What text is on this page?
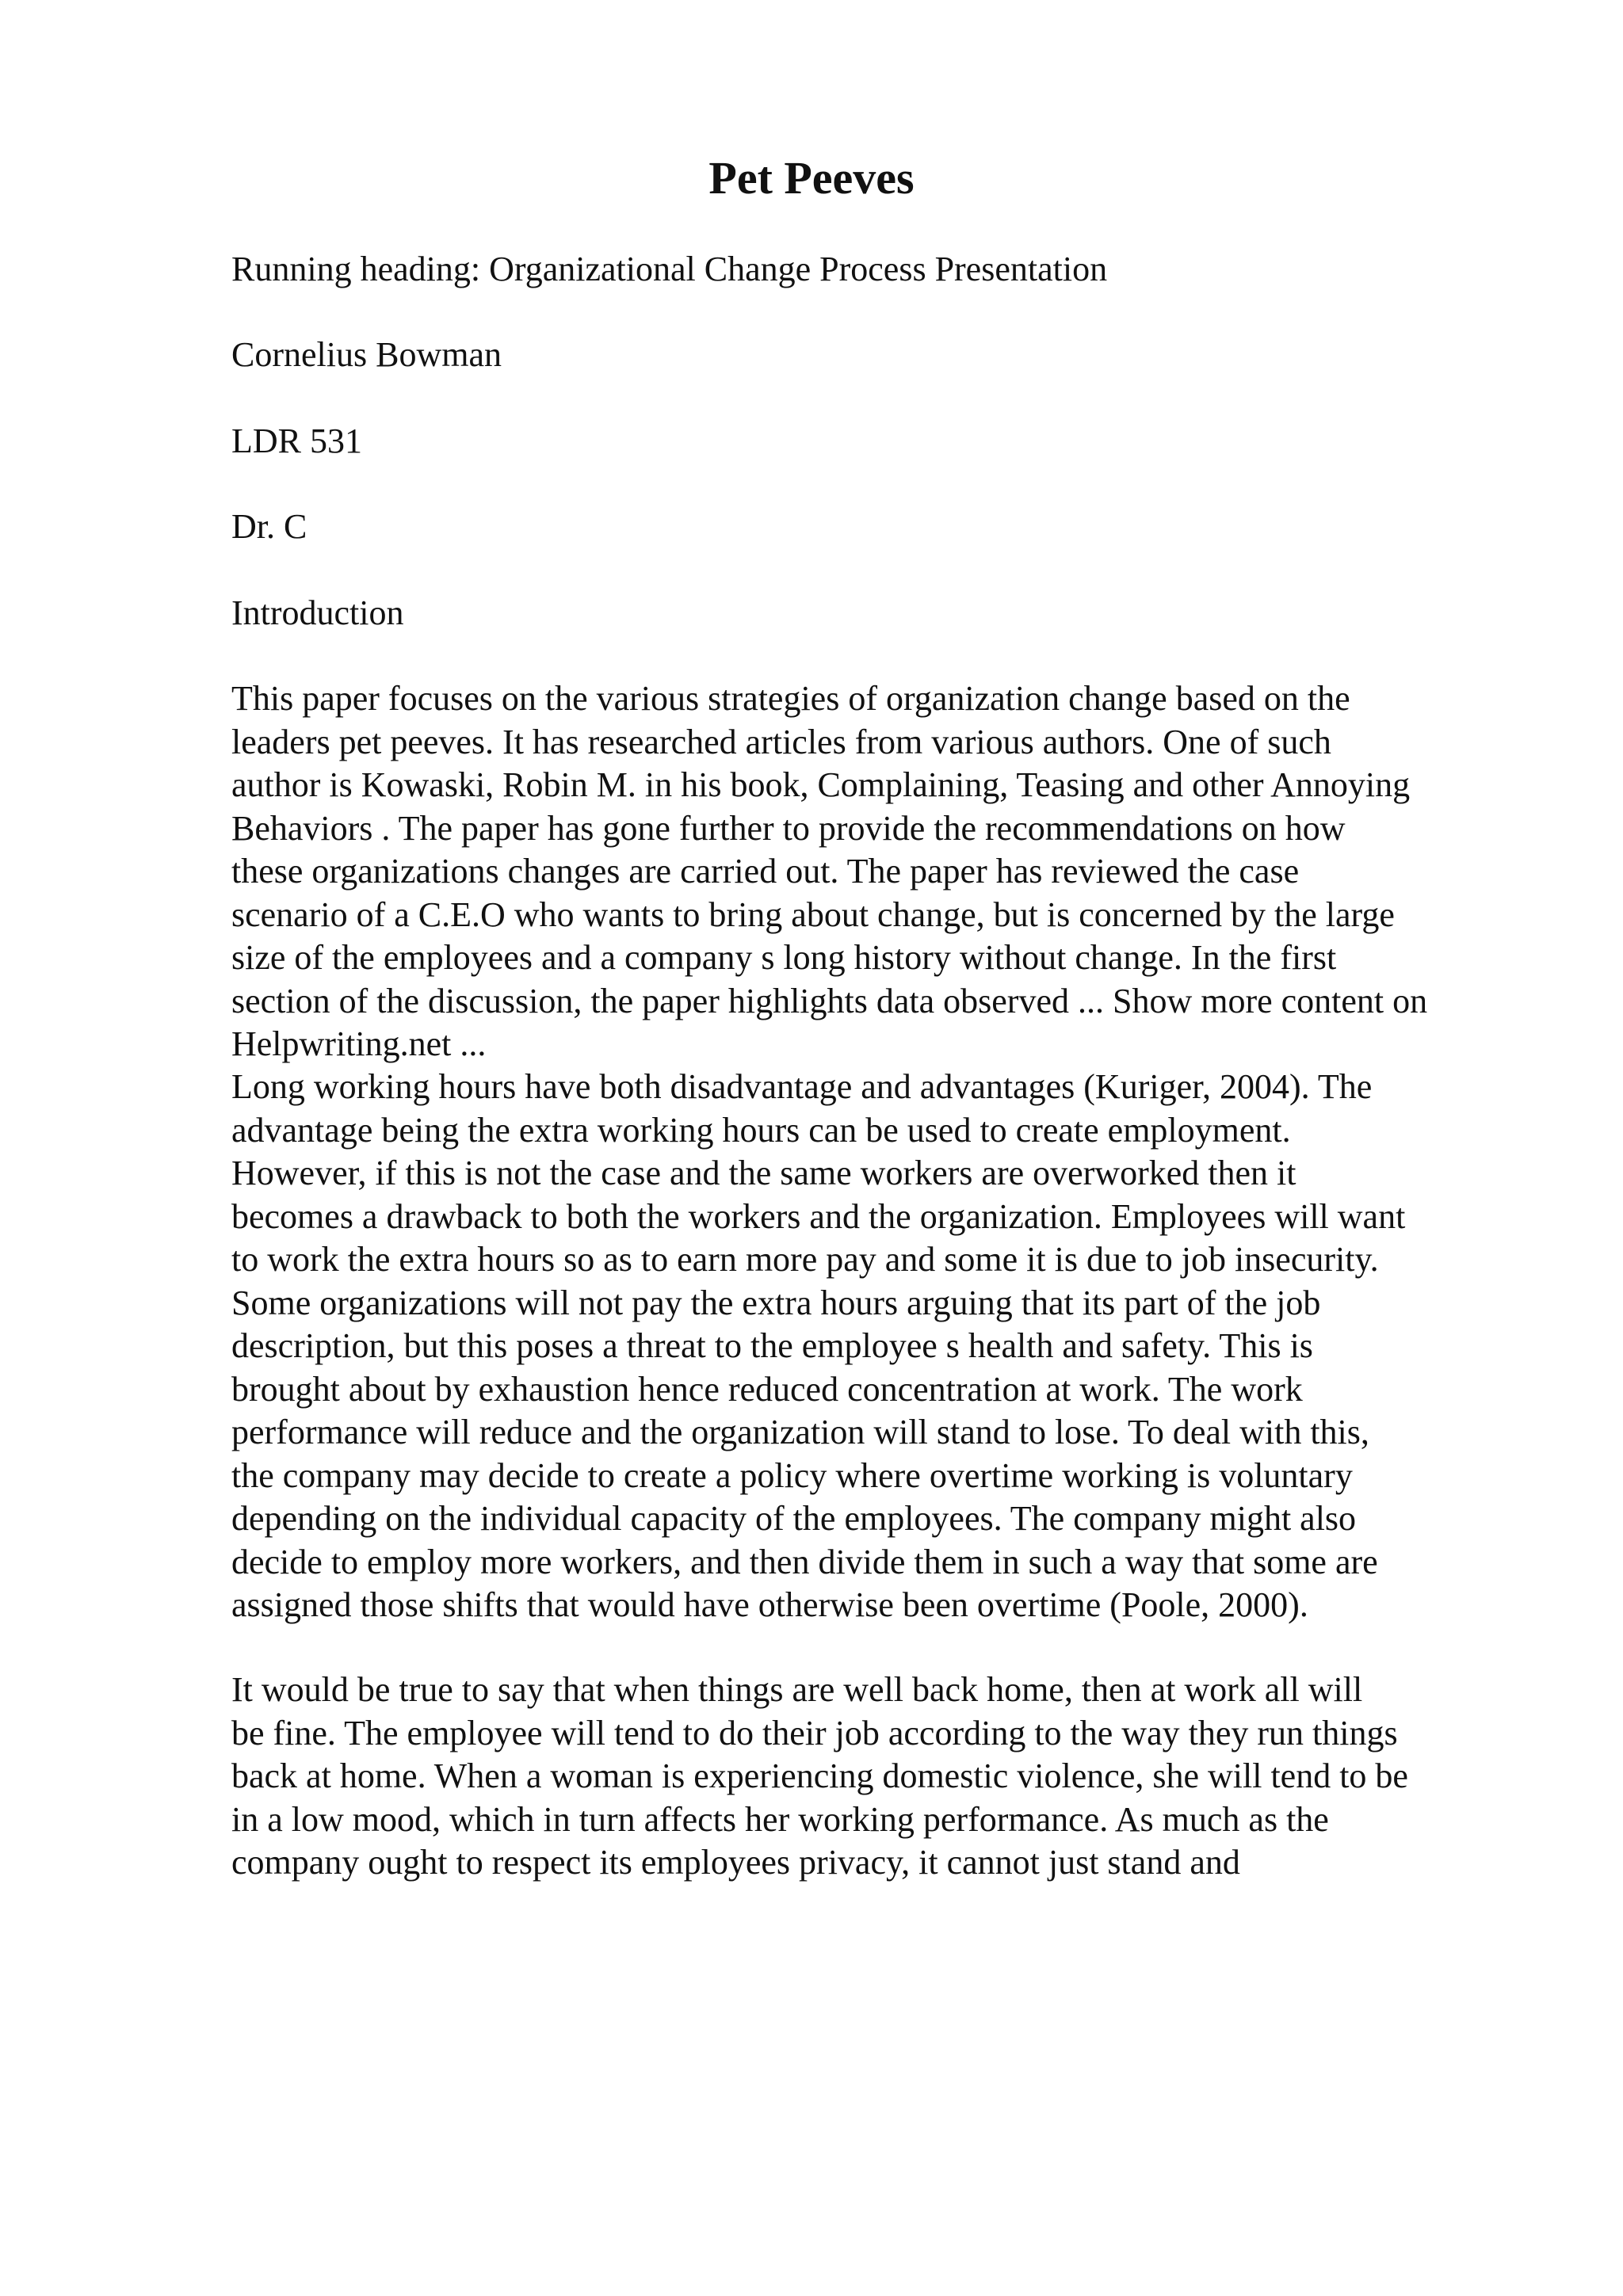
Pet Peeves

Running heading: Organizational Change Process Presentation

Cornelius Bowman

LDR 531

Dr. C

Introduction

This paper focuses on the various strategies of organization change based on the
leaders pet peeves. It has researched articles from various authors. One of such
author is Kowaski, Robin M. in his book, Complaining, Teasing and other Annoying
Behaviors . The paper has gone further to provide the recommendations on how
these organizations changes are carried out. The paper has reviewed the case
scenario of a C.E.O who wants to bring about change, but is concerned by the large
size of the employees and a company s long history without change. In the first
section of the discussion, the paper highlights data observed ... Show more content on
Helpwriting.net ...
Long working hours have both disadvantage and advantages (Kuriger, 2004). The
advantage being the extra working hours can be used to create employment.
However, if this is not the case and the same workers are overworked then it
becomes a drawback to both the workers and the organization. Employees will want
to work the extra hours so as to earn more pay and some it is due to job insecurity.
Some organizations will not pay the extra hours arguing that its part of the job
description, but this poses a threat to the employee s health and safety. This is
brought about by exhaustion hence reduced concentration at work. The work
performance will reduce and the organization will stand to lose. To deal with this,
the company may decide to create a policy where overtime working is voluntary
depending on the individual capacity of the employees. The company might also
decide to employ more workers, and then divide them in such a way that some are
assigned those shifts that would have otherwise been overtime (Poole, 2000).
It would be true to say that when things are well back home, then at work all will
be fine. The employee will tend to do their job according to the way they run things
back at home. When a woman is experiencing domestic violence, she will tend to be
in a low mood, which in turn affects her working performance. As much as the
company ought to respect its employees privacy, it cannot just stand and
